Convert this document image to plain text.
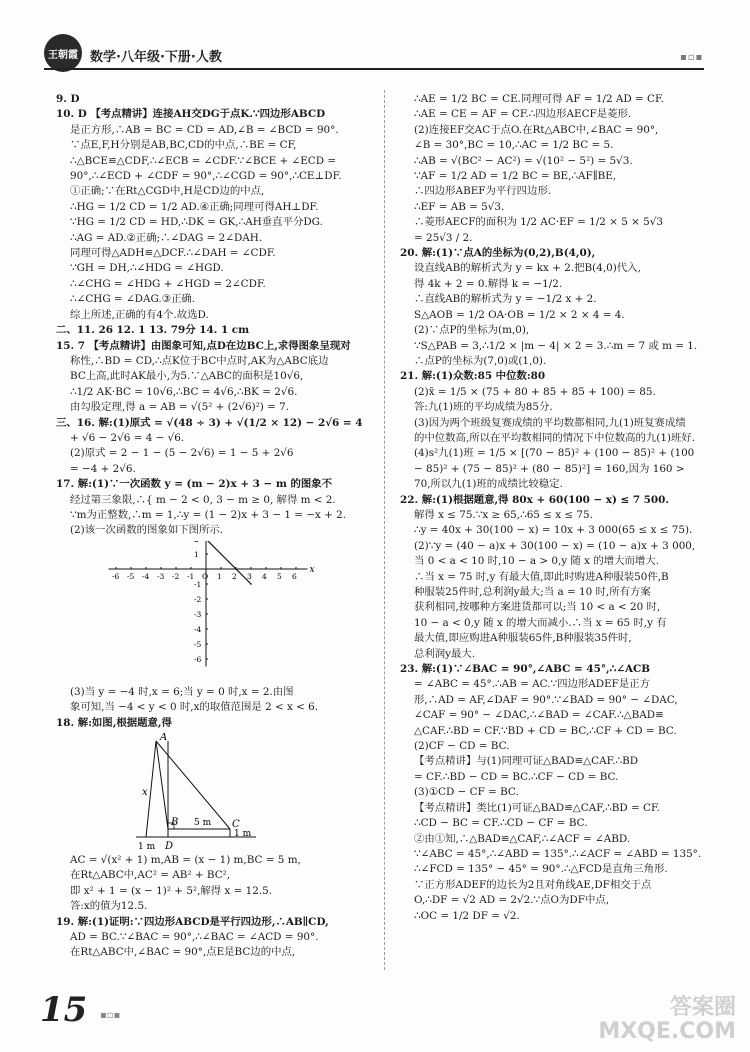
王朝霞 数学·八年级·下册·人教	▪▫▪
9. D
10. D 【考点精讲】连接AH交DG于点K.∵四边形ABCD
是正方形,∴AB = BC = CD = AD,∠B = ∠BCD = 90°.
∵点E,F,H分别是AB,BC,CD的中点,∴BE = CF,
∴△BCE≌△CDF,∴∠ECB = ∠CDF.∵∠BCE + ∠ECD =
90°,∴∠ECD + ∠CDF = 90°,∴∠CGD = 90°,∴CE⊥DF.
①正确;∵在Rt△CGD中,H是CD边的中点,
∴HG = 1/2 CD = 1/2 AD.④正确;同理可得AH⊥DF.
∵HG = 1/2 CD = HD,∴DK = GK,∴AH垂直平分DG.
∴AG = AD.②正确;∴∠DAG = 2∠DAH.
同理可得△ADH≌△DCF.∴∠DAH = ∠CDF.
∵GH = DH,∴∠HDG = ∠HGD.
∴∠CHG = ∠HDG + ∠HGD = 2∠CDF.
∴∠CHG = ∠DAG.③正确.
综上所述,正确的有4个.故选D.
二、11. 26 12. 1 13. 79分 14. 1 cm
15. 7 【考点精讲】由图象可知,点D在边BC上,求得图象呈现对
称性,∴BD = CD,∴点K位于BC中点时,AK为△ABC底边
BC上高,此时AK最小,为5.∵△ABC的面积是10√6,
∴1/2 AK·BC = 10√6,∴BC = 4√6,∴BK = 2√6.
由勾股定理,得 a = AB = √(5² + (2√6)²) = 7.
三、16. 解:(1)原式 = √(48 ÷ 3) + √(1/2 × 12) − 2√6 = 4
+ √6 − 2√6 = 4 − √6.
(2)原式 = 2 − 1 − (5 − 2√6) = 1 − 5 + 2√6
= −4 + 2√6.
17. 解:(1)∵一次函数 y = (m − 2)x + 3 − m 的图象不
经过第三象限,∴{ m − 2 < 0, 3 − m ≥ 0, 解得 m < 2.
∵m为正整数,∴m = 1,∴y = (1 − 2)x + 3 − 1 = −x + 2.
(2)该一次函数的图象如下图所示.
x
-6 -5 -4 -3 -2 -1 O 1 2 3 4 5 6
1
-1
-2
-3
-4
-5
-6
(3)当 y = −4 时,x = 6;当 y = 0 时,x = 2.由图
象可知,当 −4 < y < 0 时,x的取值范围是 2 < x < 6.
18. 解:如图,根据题意,得
A
B	C
D
x
5 m
1 m
1 m
AC = √(x² + 1) m,AB = (x − 1) m,BC = 5 m,
在Rt△ABC中,AC² = AB² + BC²,
即 x² + 1 = (x − 1)² + 5²,解得 x = 12.5.
答:x的值为12.5.
19. 解:(1)证明:∵四边形ABCD是平行四边形,∴AB∥CD,
AD = BC.∵∠BAC = 90°,∴∠BAC = ∠ACD = 90°.
在Rt△ABC中,∠BAC = 90°,点E是BC边的中点,
∴AE = 1/2 BC = CE.同理可得 AF = 1/2 AD = CF.
∴AE = CE = AF = CF.∴四边形AECF是菱形.
(2)连接EF交AC于点O.在Rt△ABC中,∠BAC = 90°,
∠B = 30°,BC = 10,∴AC = 1/2 BC = 5.
∴AB = √(BC² − AC²) = √(10² − 5²) = 5√3.
∵AF = 1/2 AD = 1/2 BC = BE,∴AF∥BE,
∴四边形ABEF为平行四边形.
∴EF = AB = 5√3.
∴菱形AECF的面积为 1/2 AC·EF = 1/2 × 5 × 5√3
= 25√3 / 2.
20. 解:(1)∵点A的坐标为(0,2),B(4,0),
设直线AB的解析式为 y = kx + 2.把B(4,0)代入,
得 4k + 2 = 0.解得 k = −1/2.
∴直线AB的解析式为 y = −1/2 x + 2.
S△AOB = 1/2 OA·OB = 1/2 × 2 × 4 = 4.
(2)∵点P的坐标为(m,0),
∵S△PAB = 3,∴1/2 × |m − 4| × 2 = 3.∴m = 7 或 m = 1.
∴点P的坐标为(7,0)或(1,0).
21. 解:(1)众数:85 中位数:80
(2)x̄ = 1/5 × (75 + 80 + 85 + 85 + 100) = 85.
答:九(1)班的平均成绩为85分.
(3)因为两个班级复赛成绩的平均数都相同,九(1)班复赛成绩
的中位数高,所以在平均数相同的情况下中位数高的九(1)班好.
(4)s²九(1)班 = 1/5 × [(70 − 85)² + (100 − 85)² + (100
− 85)² + (75 − 85)² + (80 − 85)²] = 160,因为 160 >
70,所以九(1)班的成绩比较稳定.
22. 解:(1)根据题意,得 80x + 60(100 − x) ≤ 7 500.
解得 x ≤ 75.∵x ≥ 65,∴65 ≤ x ≤ 75.
∴y = 40x + 30(100 − x) = 10x + 3 000(65 ≤ x ≤ 75).
(2)∵y = (40 − a)x + 30(100 − x) = (10 − a)x + 3 000,
当 0 < a < 10 时,10 − a > 0,y 随 x 的增大而增大.
∴当 x = 75 时,y 有最大值,即此时购进A种服装50件,B
种服装25件时,总利润y最大;当 a = 10 时,所有方案
获利相同,按哪种方案进货都可以;当 10 < a < 20 时,
10 − a < 0,y 随 x 的增大而减小.∴当 x = 65 时,y 有
最大值,即应购进A种服装65件,B种服装35件时,
总利润y最大.
23. 解:(1)∵∠BAC = 90°,∠ABC = 45°,∴∠ACB
= ∠ABC = 45°.∴AB = AC.∵四边形ADEF是正方
形,∴AD = AF,∠DAF = 90°.∵∠BAD = 90° − ∠DAC,
∠CAF = 90° − ∠DAC,∴∠BAD = ∠CAF.∴△BAD≌
△CAF.∴BD = CF.∵BD + CD = BC,∴CF + CD = BC.
(2)CF − CD = BC.
【考点精讲】与(1)同理可证△BAD≌△CAF.∴BD
= CF.∴BD − CD = BC.∴CF − CD = BC.
(3)①CD − CF = BC.
【考点精讲】类比(1)可证△BAD≌△CAF,∴BD = CF.
∴CD − BC = CF.∴CD − CF = BC.
②由①知,∴△BAD≌△CAF,∴∠ACF = ∠ABD.
∵∠ABC = 45°,∴∠ABD = 135°.∴∠ACF = ∠ABD = 135°.
∴∠FCD = 135° − 45° = 90°.∴△FCD是直角三角形.
∵正方形ADEF的边长为2且对角线AE,DF相交于点
O,∴DF = √2 AD = 2√2.∵点O为DF中点,
∴OC = 1/2 DF = √2.
15 ▪▫▪	答案圈
MXQE.COM
